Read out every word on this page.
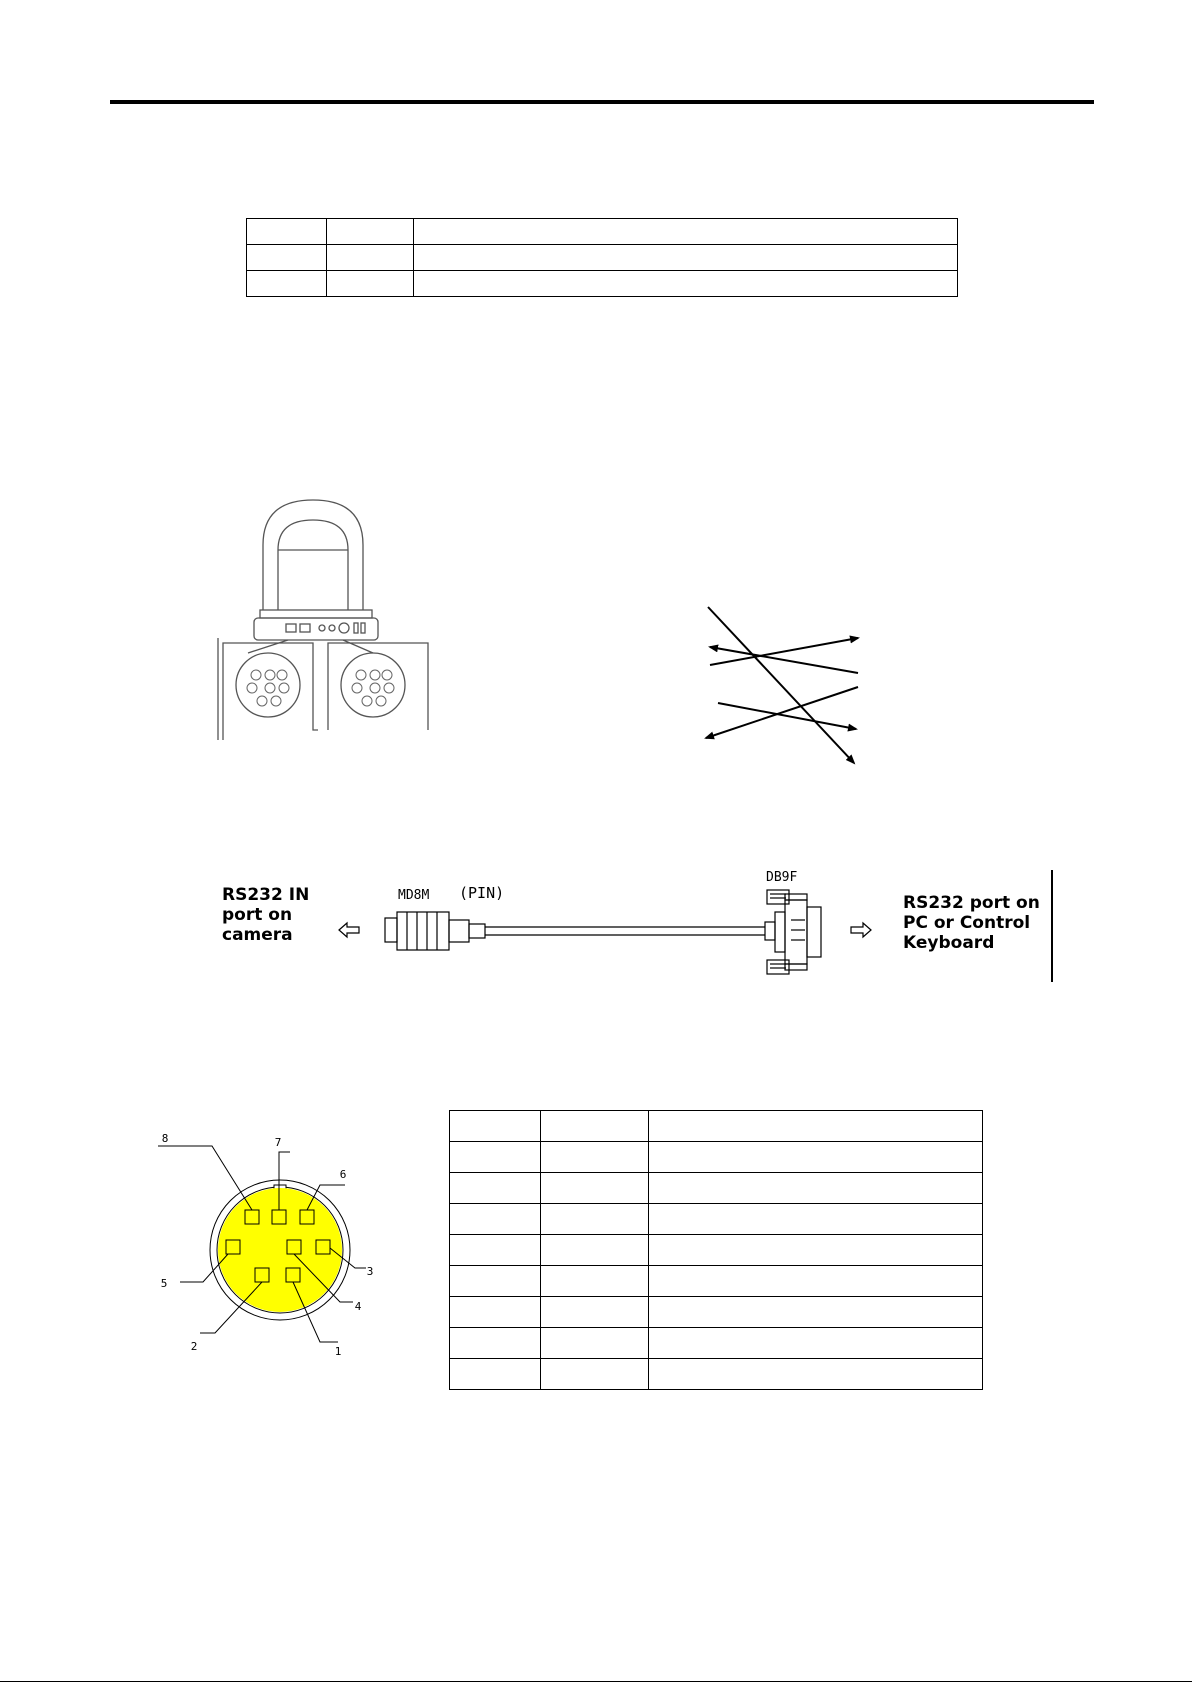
RS232 IN
port on
camera
MD8M (PIN)
DB9F
RS232 port on
PC or Control
Keyboard
8	7
6
5
3
4
2	1
